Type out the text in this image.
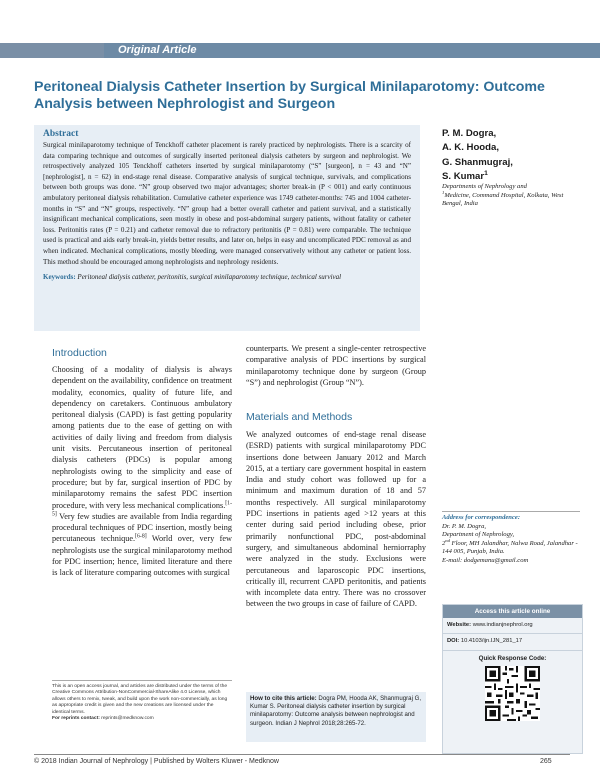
Original Article
Peritoneal Dialysis Catheter Insertion by Surgical Minilaparotomy: Outcome Analysis between Nephrologist and Surgeon
Abstract
Surgical minilaparotomy technique of Tenckhoff catheter placement is rarely practiced by nephrologists. There is a scarcity of data comparing technique and outcomes of surgically inserted peritoneal dialysis catheters by surgeon and nephrologist. We retrospectively analyzed 105 Tenckhoff catheters inserted by surgical minilaparotomy (“S” [surgeon], n = 43 and “N” [nephrologist], n = 62) in end-stage renal disease. Comparative analysis of surgical technique, survivals, and complications between both groups was done. “N” group observed two major advantages; shorter break-in (P < 001) and early continuous ambulatory peritoneal dialysis rehabilitation. Cumulative catheter experience was 1749 catheter-months: 745 and 1004 catheter-months in “S” and “N” groups, respectively. “N” group had a better overall catheter and patient survival, and a statistically insignificant mechanical complications, seen mostly in obese and post-abdominal surgery patients, without fatality or catheter loss. Peritonitis rates (P = 0.21) and catheter removal due to refractory peritonitis (P = 0.81) were comparable. The technique used is practical and aids early break-in, yields better results, and later on, helps in easy and uncomplicated PDC removal as and when indicated. Mechanical complications, mostly bleeding, were managed conservatively without any catheter or patient loss. This method should be encouraged among nephrologists and nephrology residents.
Keywords: Peritoneal dialysis catheter, peritonitis, surgical minilaparotomy technique, technical survival
P. M. Dogra,
A. K. Hooda,
G. Shanmugraj,
S. Kumar$^1$
Departments of Nephrology and
$^1$Medicine, Command Hospital, Kolkata, West Bengal, India
Introduction
Choosing of a modality of dialysis is always dependent on the availability, confidence on treatment modality, economics, quality of future life, and dependency on caretakers. Continuous ambulatory peritoneal dialysis (CAPD) is fast getting popularity among patients due to the ease of getting on with activities of daily living and freedom from dialysis unit visits. Percutaneous insertion of peritoneal dialysis catheters (PDCs) is popular among nephrologists owing to the simplicity and ease of procedure; but by far, surgical insertion of PDC by minilaparotomy remains the safest PDC insertion procedure, with very less mechanical complications.[1-5] Very few studies are available from India regarding procedural techniques of PDC insertion, mostly being percutaneous technique.[6-8] World over, very few nephrologists use the surgical minilaparotomy method for PDC insertion; hence, limited literature and there is lack of literature comparing outcomes with surgical
counterparts. We present a single-center retrospective comparative analysis of PDC insertions by surgical minilaparotomy technique done by surgeon (Group “S”) and nephrologist (Group “N”).
Materials and Methods
We analyzed outcomes of end-stage renal disease (ESRD) patients with surgical minilaparotomy PDC insertions done between January 2012 and March 2015, at a tertiary care government hospital in eastern India and study cohort was followed up for a minimum and maximum duration of 18 and 57 months respectively. All surgical minilaparotomy PDC insertions in patients aged >12 years at this center during said period including obese, prior primarily nonfunctional PDC, post-abdominal surgery, and simultaneous abdominal herniorraphy were analyzed in the study. Exclusions were percutaneous and laparoscopic PDC insertions, critically ill, recurrent CAPD peritonitis, and patients with incomplete data entry. There was no crossover between the two groups in case of failure of CAPD.
This is an open access journal, and articles are distributed under the terms of the Creative Commons Attribution-NonCommercial-ShareAlike 4.0 License, which allows others to remix, tweak, and build upon the work non-commercially, as long as appropriate credit is given and the new creations are licensed under the identical terms.
For reprints contact: reprints@medknow.com
How to cite this article: Dogra PM, Hooda AK, Shanmugraj G, Kumar S. Peritoneal dialysis catheter insertion by surgical minilaparotomy: Outcome analysis between nephrologist and surgeon. Indian J Nephrol 2018;28:265-72.
Address for correspondence:
Dr. P. M. Dogra,
Department of Nephrology,
2nd Floor, MH Jalandhar, Nalwa Road, Jalandhar - 144 005, Punjab, India.
E-mail: dodgemanu@gmail.com
Access this article online
Website: www.indianjnephrol.org
DOI: 10.4103/ijn.IJN_281_17
Quick Response Code:
© 2018 Indian Journal of Nephrology | Published by Wolters Kluwer - Medknow	265
